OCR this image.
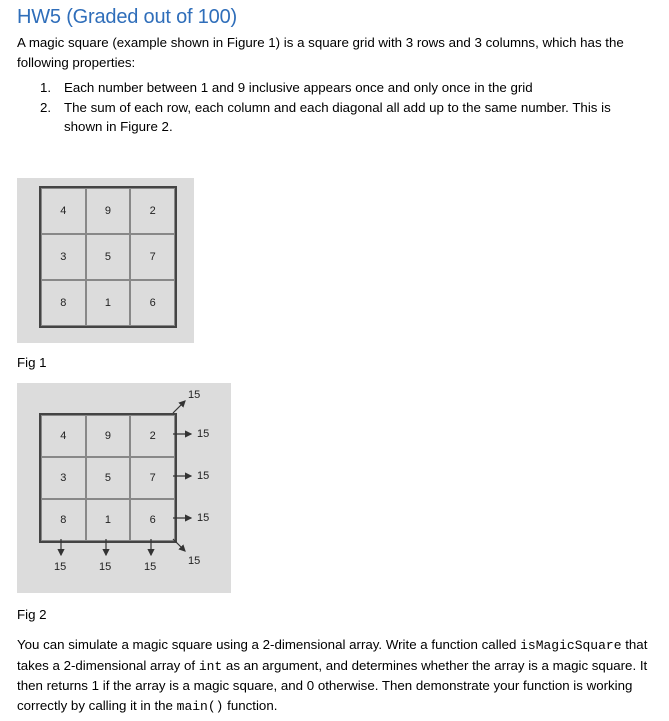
HW5 (Graded out of 100)
A magic square (example shown in Figure 1) is a square grid with 3 rows and 3 columns, which has the following properties:
1. Each number between 1 and 9 inclusive appears once and only once in the grid
2. The sum of each row, each column and each diagonal all add up to the same number. This is shown in Figure 2.
4	9	2
3	5	7
8	1	6
Fig 1
4	9	2
3	5	7
8	1	6
15
15
15
15
15
15	15	15
Fig 2
You can simulate a magic square using a 2-dimensional array. Write a function called isMagicSquare that takes a 2-dimensional array of int as an argument, and determines whether the array is a magic square. It then returns 1 if the array is a magic square, and 0 otherwise. Then demonstrate your function is working correctly by calling it in the main() function.
